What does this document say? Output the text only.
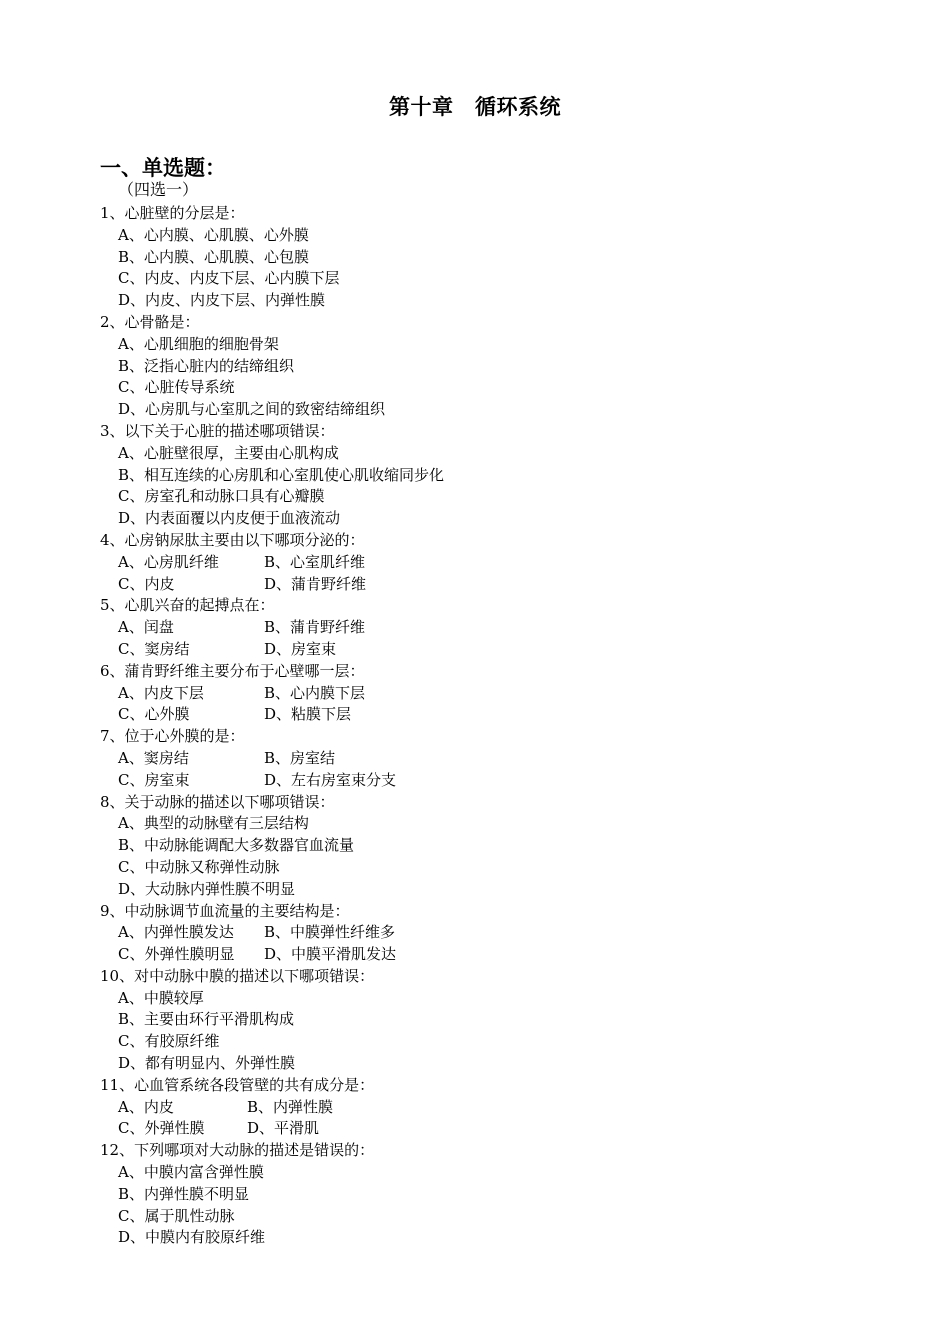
第十章　循环系统
一、单选题：
（四选一）
1、心脏壁的分层是：
A、心内膜、心肌膜、心外膜
B、心内膜、心肌膜、心包膜
C、内皮、内皮下层、心内膜下层
D、内皮、内皮下层、内弹性膜
2、心骨骼是：
A、心肌细胞的细胞骨架
B、泛指心脏内的结缔组织
C、心脏传导系统
D、心房肌与心室肌之间的致密结缔组织
3、以下关于心脏的描述哪项错误：
A、心脏壁很厚，主要由心肌构成
B、相互连续的心房肌和心室肌使心肌收缩同步化
C、房室孔和动脉口具有心瓣膜
D、内表面覆以内皮便于血液流动
4、心房钠尿肽主要由以下哪项分泌的：
A、心房肌纤维	B、心室肌纤维
C、内皮	D、蒲肯野纤维
5、心肌兴奋的起搏点在：
A、闰盘	B、蒲肯野纤维
C、窦房结	D、房室束
6、蒲肯野纤维主要分布于心壁哪一层：
A、内皮下层	B、心内膜下层
C、心外膜	D、粘膜下层
7、位于心外膜的是：
A、窦房结	B、房室结
C、房室束	D、左右房室束分支
8、关于动脉的描述以下哪项错误：
A、典型的动脉壁有三层结构
B、中动脉能调配大多数器官血流量
C、中动脉又称弹性动脉
D、大动脉内弹性膜不明显
9、中动脉调节血流量的主要结构是：
A、内弹性膜发达	B、中膜弹性纤维多
C、外弹性膜明显	D、中膜平滑肌发达
10、对中动脉中膜的描述以下哪项错误：
A、中膜较厚
B、主要由环行平滑肌构成
C、有胶原纤维
D、都有明显内、外弹性膜
11、心血管系统各段管壁的共有成分是：
A、内皮	B、内弹性膜
C、外弹性膜	D、平滑肌
12、下列哪项对大动脉的描述是错误的：
A、中膜内富含弹性膜
B、内弹性膜不明显
C、属于肌性动脉
D、中膜内有胶原纤维
